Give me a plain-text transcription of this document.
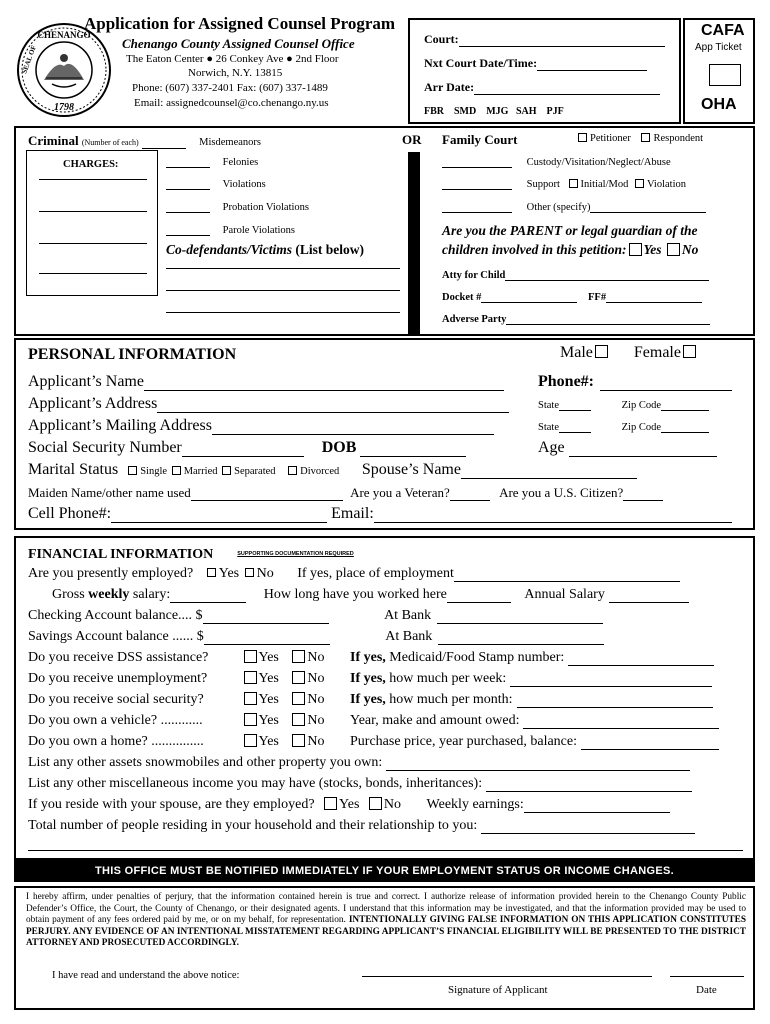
CHENANGO
1798
SEAL OF
Application for Assigned Counsel Program
Chenango County Assigned Counsel Office
The Eaton Center ● 26 Conkey Ave ● 2nd Floor
Norwich, N.Y. 13815
Phone: (607) 337-2401 Fax: (607) 337-1489
Email: assignedcounsel@co.chenango.ny.us
Court:
Nxt Court Date/Time:
Arr Date:
FBR    SMD    MJG   SAH    PJF
CAFA
App Ticket
OHA
Criminal (Number of each)	Misdemeanors
CHARGES:	Felonies
Violations
Probation Violations
Parole Violations
Co-defendants/Victims (List below)
OR Family Court	Petitioner Respondent
Custody/Visitation/Neglect/Abuse
Support Initial/Mod Violation
Other (specify)
Are you the PARENT or legal guardian of the
children involved in this petition: Yes No
Atty for Child
Docket #	FF#
Adverse Party
PERSONAL INFORMATION	Male	Female
Applicant’s Name	Phone#:
Applicant’s Address	State	Zip Code
Applicant’s Mailing Address	State	Zip Code
Social Security Number	DOB	Age
Marital Status Single Married Separated Divorced Spouse’s Name
Maiden Name/other name used	Are you a Veteran?	Are you a U.S. Citizen?
Cell Phone#:	Email:
FINANCIAL INFORMATION	SUPPORTING DOCUMENTATION REQUIRED
Are you presently employed? Yes No If yes, place of employment
Gross weekly salary:	How long have you worked here	Annual Salary
Checking Account balance.... $	At Bank
Savings Account balance ...... $	At Bank
Do you receive DSS assistance?	Yes No If yes, Medicaid/Food Stamp number:
Do you receive unemployment?	Yes No If yes, how much per week:
Do you receive social security?	Yes No If yes, how much per month:
Do you own a vehicle? ............	Yes No Year, make and amount owed:
Do you own a home? ...............	Yes No Purchase price, year purchased, balance:
List any other assets snowmobiles and other property you own:
List any other miscellaneous income you may have (stocks, bonds, inheritances):
If you reside with your spouse, are they employed? Yes No Weekly earnings:
Total number of people residing in your household and their relationship to you:
THIS OFFICE MUST BE NOTIFIED IMMEDIATELY IF YOUR EMPLOYMENT STATUS OR INCOME CHANGES.
I hereby affirm, under penalties of perjury, that the information contained herein is true and correct. I authorize release of information provided herein to the Chenango County Public Defender’s Office, the Court, the County of Chenango, or their designated agents. I understand that this information may be investigated, and that the information provided may be used to obtain payment of any fees ordered paid by me, or on my behalf, for representation. INTENTIONALLY GIVING FALSE INFORMATION ON THIS APPLICATION CONSTITUTES PERJURY. ANY EVIDENCE OF AN INTENTIONAL MISSTATEMENT REGARDING APPLICANT’S FINANCIAL ELIGIBILITY WILL BE PRESENTED TO THE DISTRICT ATTORNEY AND PROSECUTED ACCORDINGLY.
I have read and understand the above notice:
Signature of Applicant	Date
